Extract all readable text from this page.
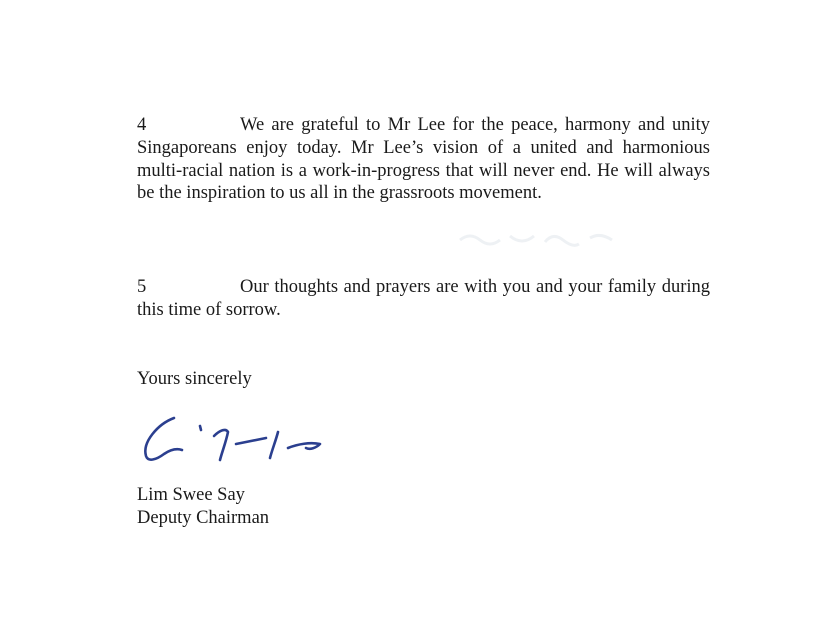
4	We are grateful to Mr Lee for the peace, harmony and unity Singaporeans enjoy today. Mr Lee’s vision of a united and harmonious multi-racial nation is a work-in-progress that will never end. He will always be the inspiration to us all in the grassroots movement.

5	Our thoughts and prayers are with you and your family during this time of sorrow.

Yours sincerely
Lim Swee Say
Deputy Chairman
